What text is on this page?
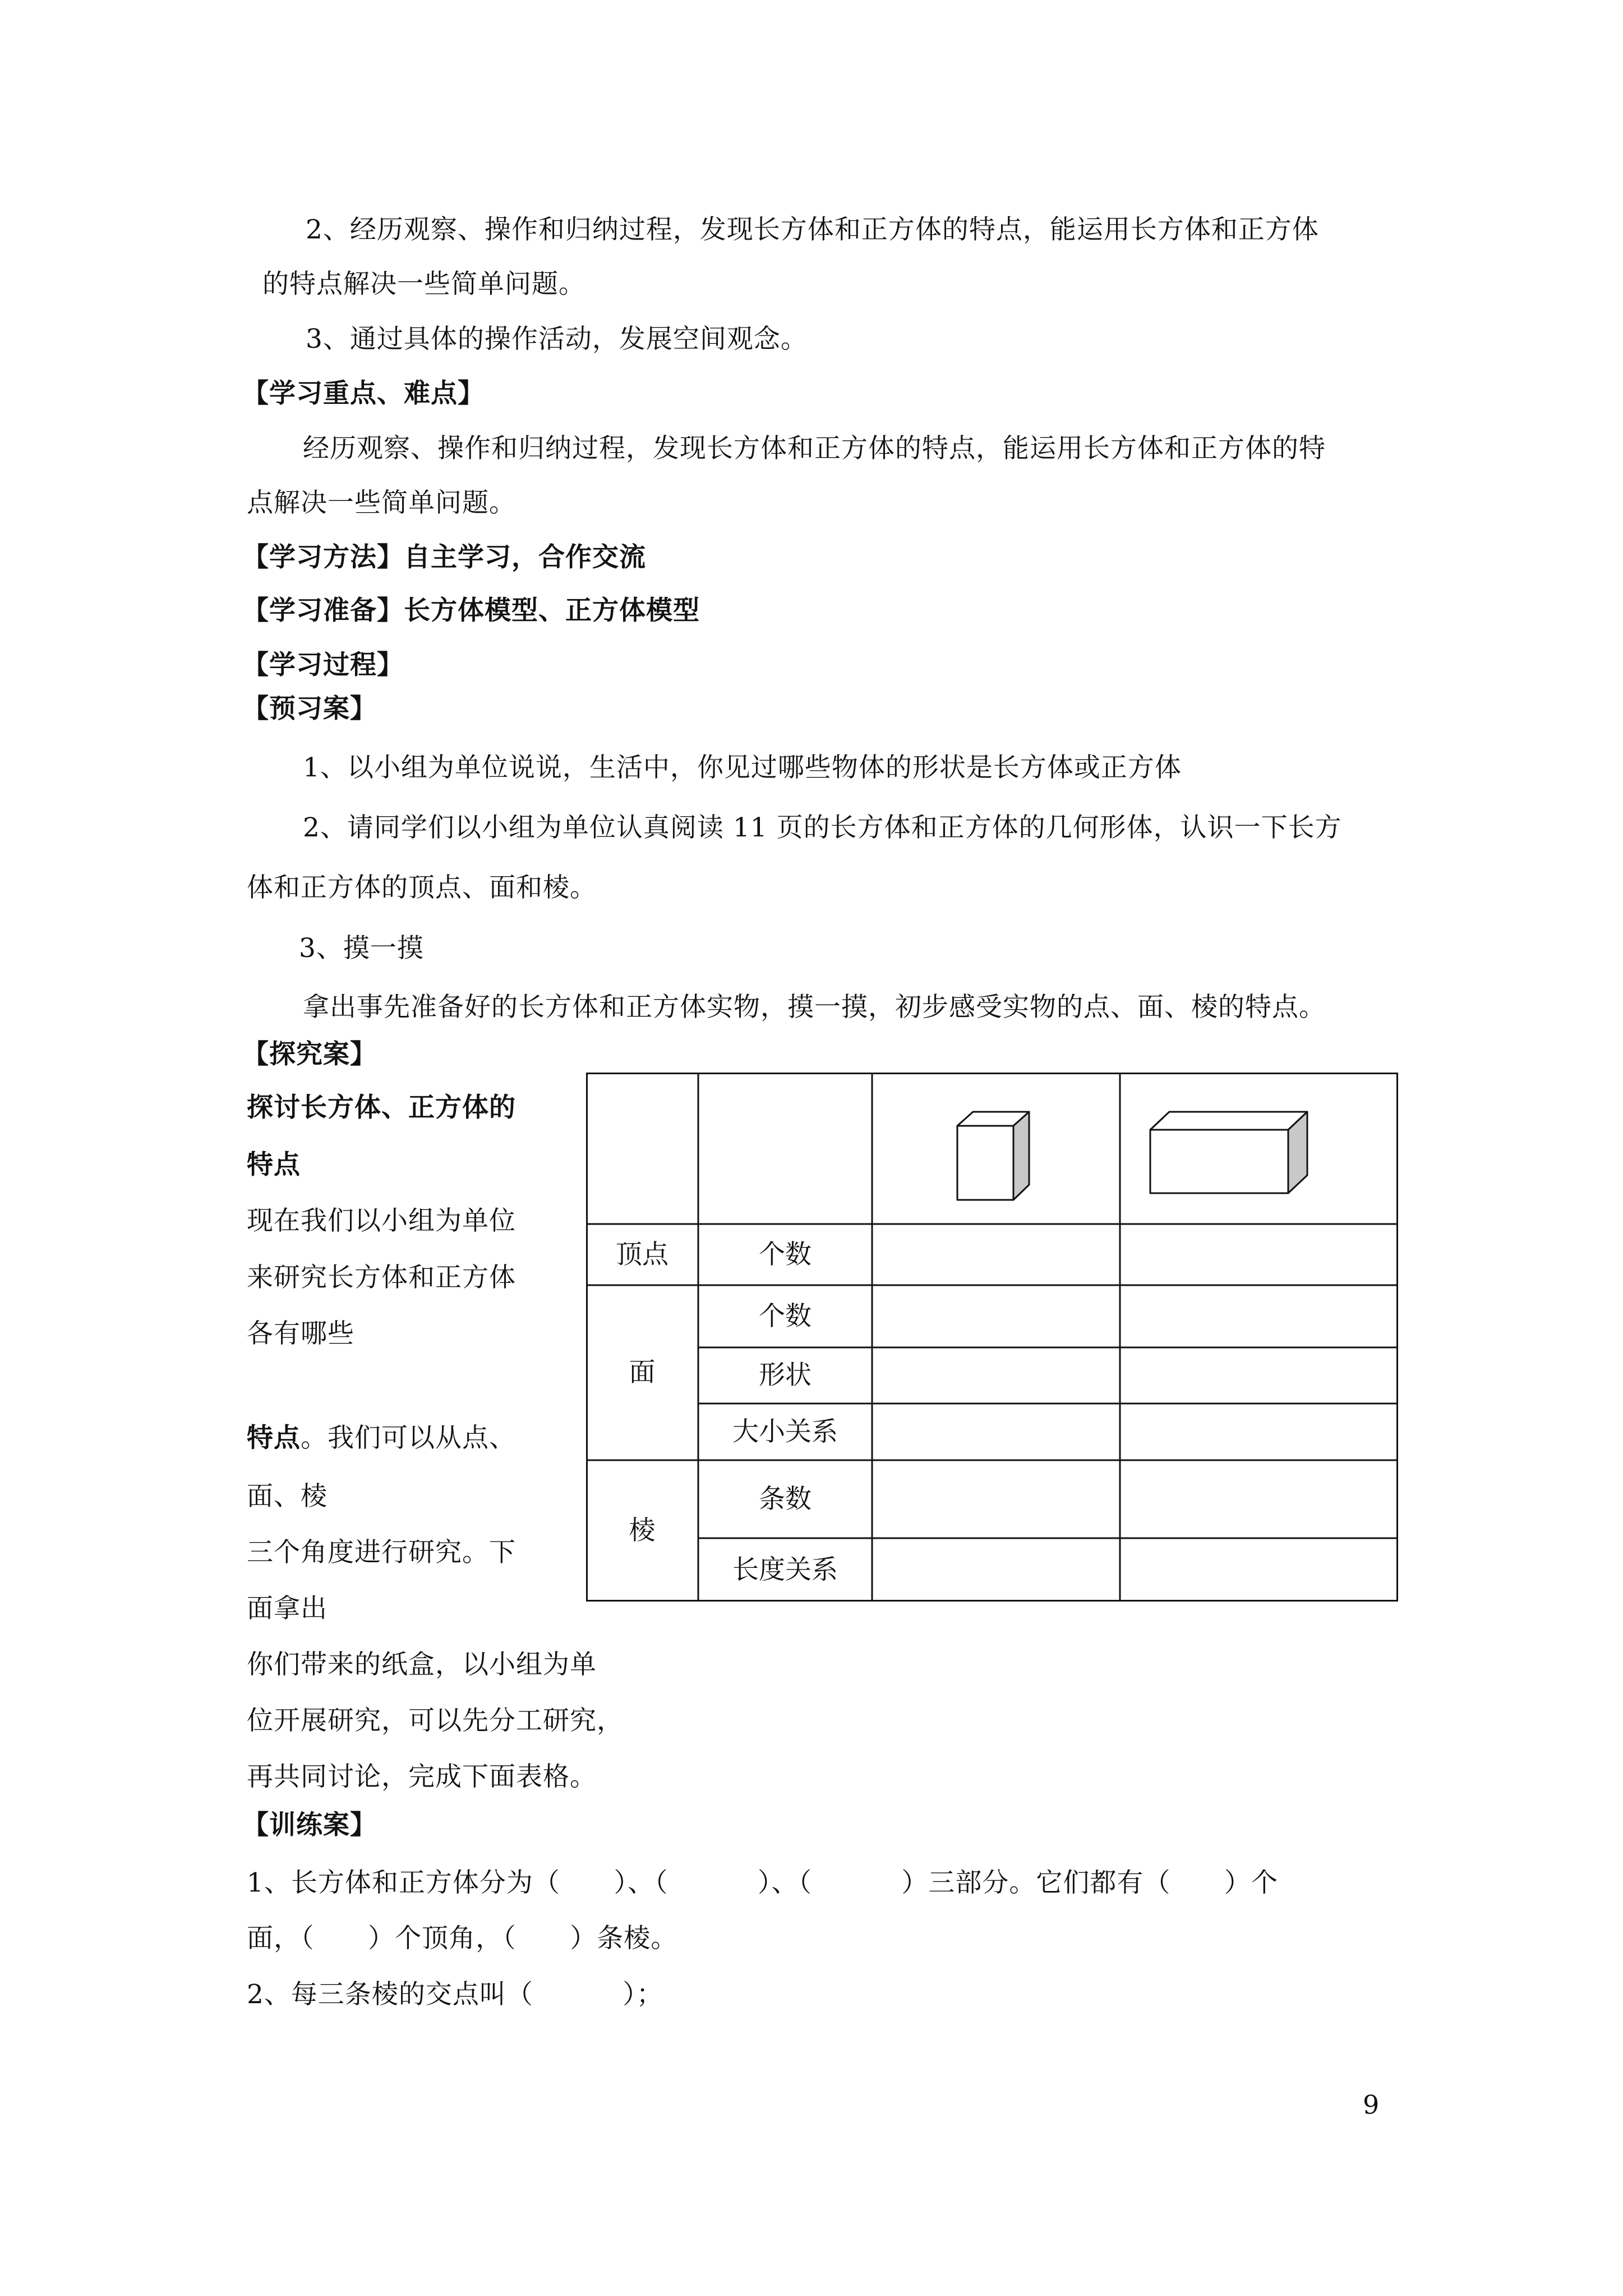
2、经历观察、操作和归纳过程，发现长方体和正方体的特点，能运用长方体和正方体
的特点解决一些简单问题。
3、通过具体的操作活动，发展空间观念。
【学习重点、难点】
经历观察、操作和归纳过程，发现长方体和正方体的特点，能运用长方体和正方体的特
点解决一些简单问题。
【学习方法】自主学习，合作交流
【学习准备】长方体模型、正方体模型
【学习过程】
【预习案】
1、以小组为单位说说，生活中，你见过哪些物体的形状是长方体或正方体
2、请同学们以小组为单位认真阅读 11 页的长方体和正方体的几何形体，认识一下长方
体和正方体的顶点、面和棱。
3、摸一摸
拿出事先准备好的长方体和正方体实物，摸一摸，初步感受实物的点、面、棱的特点。
【探究案】
探讨长方体、正方体的
特点
现在我们以小组为单位
来研究长方体和正方体
各有哪些
特点。我们可以从点、
面、棱
三个角度进行研究。下
面拿出
你们带来的纸盒，以小组为单
位开展研究，可以先分工研究，
再共同讨论，完成下面表格。
顶点	个数
面
个数
形状
大小关系
棱
条数
长度关系
【训练案】
1、长方体和正方体分为（      ）、（          ）、（          ）三部分。它们都有（      ）个
面，（      ）个顶角，（      ）条棱。
2、每三条棱的交点叫（          ）；
9
